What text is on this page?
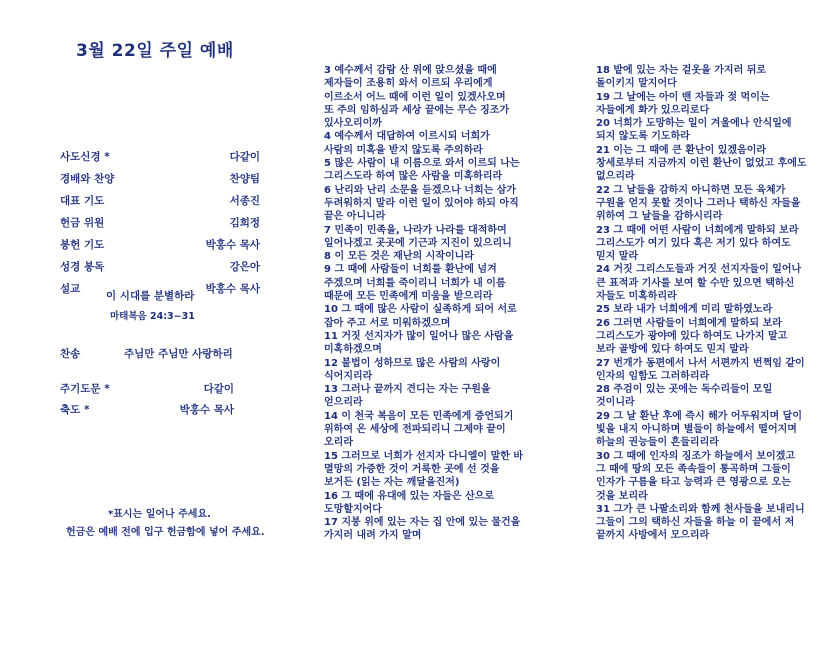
3월 22일 주일 예배
사도신경 *	다같이
경배와 찬양	찬양팀
대표 기도	서종진
헌금 위원	김희정
봉헌 기도	박홍수 목사
성경 봉독	강은아
설교	박홍수 목사
이 시대를 분별하라
마태복음 24:3~31
찬송	주님만 주님만 사랑하리
주기도문 *	다같이
축도 *	박홍수 목사
*표시는 일어나 주세요.
헌금은 예배 전에 입구 헌금함에 넣어 주세요.
3 예수께서 감람 산 위에 앉으셨을 때에
제자들이 조용히 와서 이르되 우리에게
이르소서 어느 때에 이런 일이 있겠사오며
또 주의 임하심과 세상 끝에는 무슨 징조가
있사오리이까
4 예수께서 대답하여 이르시되 너희가
사람의 미혹을 받지 않도록 주의하라
5 많은 사람이 내 이름으로 와서 이르되 나는
그리스도라 하여 많은 사람을 미혹하리라
6 난리와 난리 소문을 듣겠으나 너희는 삼가
두려워하지 말라 이런 일이 있어야 하되 아직
끝은 아니니라
7 민족이 민족을, 나라가 나라를 대적하여
일어나겠고 곳곳에 기근과 지진이 있으리니
8 이 모든 것은 재난의 시작이니라
9 그 때에 사람들이 너희를 환난에 넘겨
주겠으며 너희를 죽이리니 너희가 내 이름
때문에 모든 민족에게 미움을 받으리라
10 그 때에 많은 사람이 실족하게 되어 서로
잡아 주고 서로 미워하겠으며
11 거짓 선지자가 많이 일어나 많은 사람을
미혹하겠으며
12 불법이 성하므로 많은 사람의 사랑이
식어지리라
13 그러나 끝까지 견디는 자는 구원을
얻으리라
14 이 천국 복음이 모든 민족에게 증언되기
위하여 온 세상에 전파되리니 그제야 끝이
오리라
15 그러므로 너희가 선지자 다니엘이 말한 바
멸망의 가증한 것이 거룩한 곳에 선 것을
보거든 (읽는 자는 깨달을진저)
16 그 때에 유대에 있는 자들은 산으로
도망할지어다
17 지붕 위에 있는 자는 집 안에 있는 물건을
가지러 내려 가지 말며
18 밭에 있는 자는 겉옷을 가지러 뒤로
돌이키지 말지어다
19 그 날에는 아이 밴 자들과 젖 먹이는
자들에게 화가 있으리로다
20 너희가 도망하는 일이 겨울에나 안식일에
되지 않도록 기도하라
21 이는 그 때에 큰 환난이 있겠음이라
창세로부터 지금까지 이런 환난이 없었고 후에도
없으리라
22 그 날들을 감하지 아니하면 모든 육체가
구원을 얻지 못할 것이나 그러나 택하신 자들을
위하여 그 날들을 감하시리라
23 그 때에 어떤 사람이 너희에게 말하되 보라
그리스도가 여기 있다 혹은 저기 있다 하여도
믿지 말라
24 거짓 그리스도들과 거짓 선지자들이 일어나
큰 표적과 기사를 보여 할 수만 있으면 택하신
자들도 미혹하리라
25 보라 내가 너희에게 미리 말하였노라
26 그러면 사람들이 너희에게 말하되 보라
그리스도가 광야에 있다 하여도 나가지 말고
보라 골방에 있다 하여도 믿지 말라
27 번개가 동편에서 나서 서편까지 번쩍임 같이
인자의 임함도 그러하리라
28 주검이 있는 곳에는 독수리들이 모일
것이니라
29 그 날 환난 후에 즉시 해가 어두워지며 달이
빛을 내지 아니하며 별들이 하늘에서 떨어지며
하늘의 권능들이 흔들리리라
30 그 때에 인자의 징조가 하늘에서 보이겠고
그 때에 땅의 모든 족속들이 통곡하며 그들이
인자가 구름을 타고 능력과 큰 영광으로 오는
것을 보리라
31 그가 큰 나팔소리와 함께 천사들을 보내리니
그들이 그의 택하신 자들을 하늘 이 끝에서 저
끝까지 사방에서 모으리라
